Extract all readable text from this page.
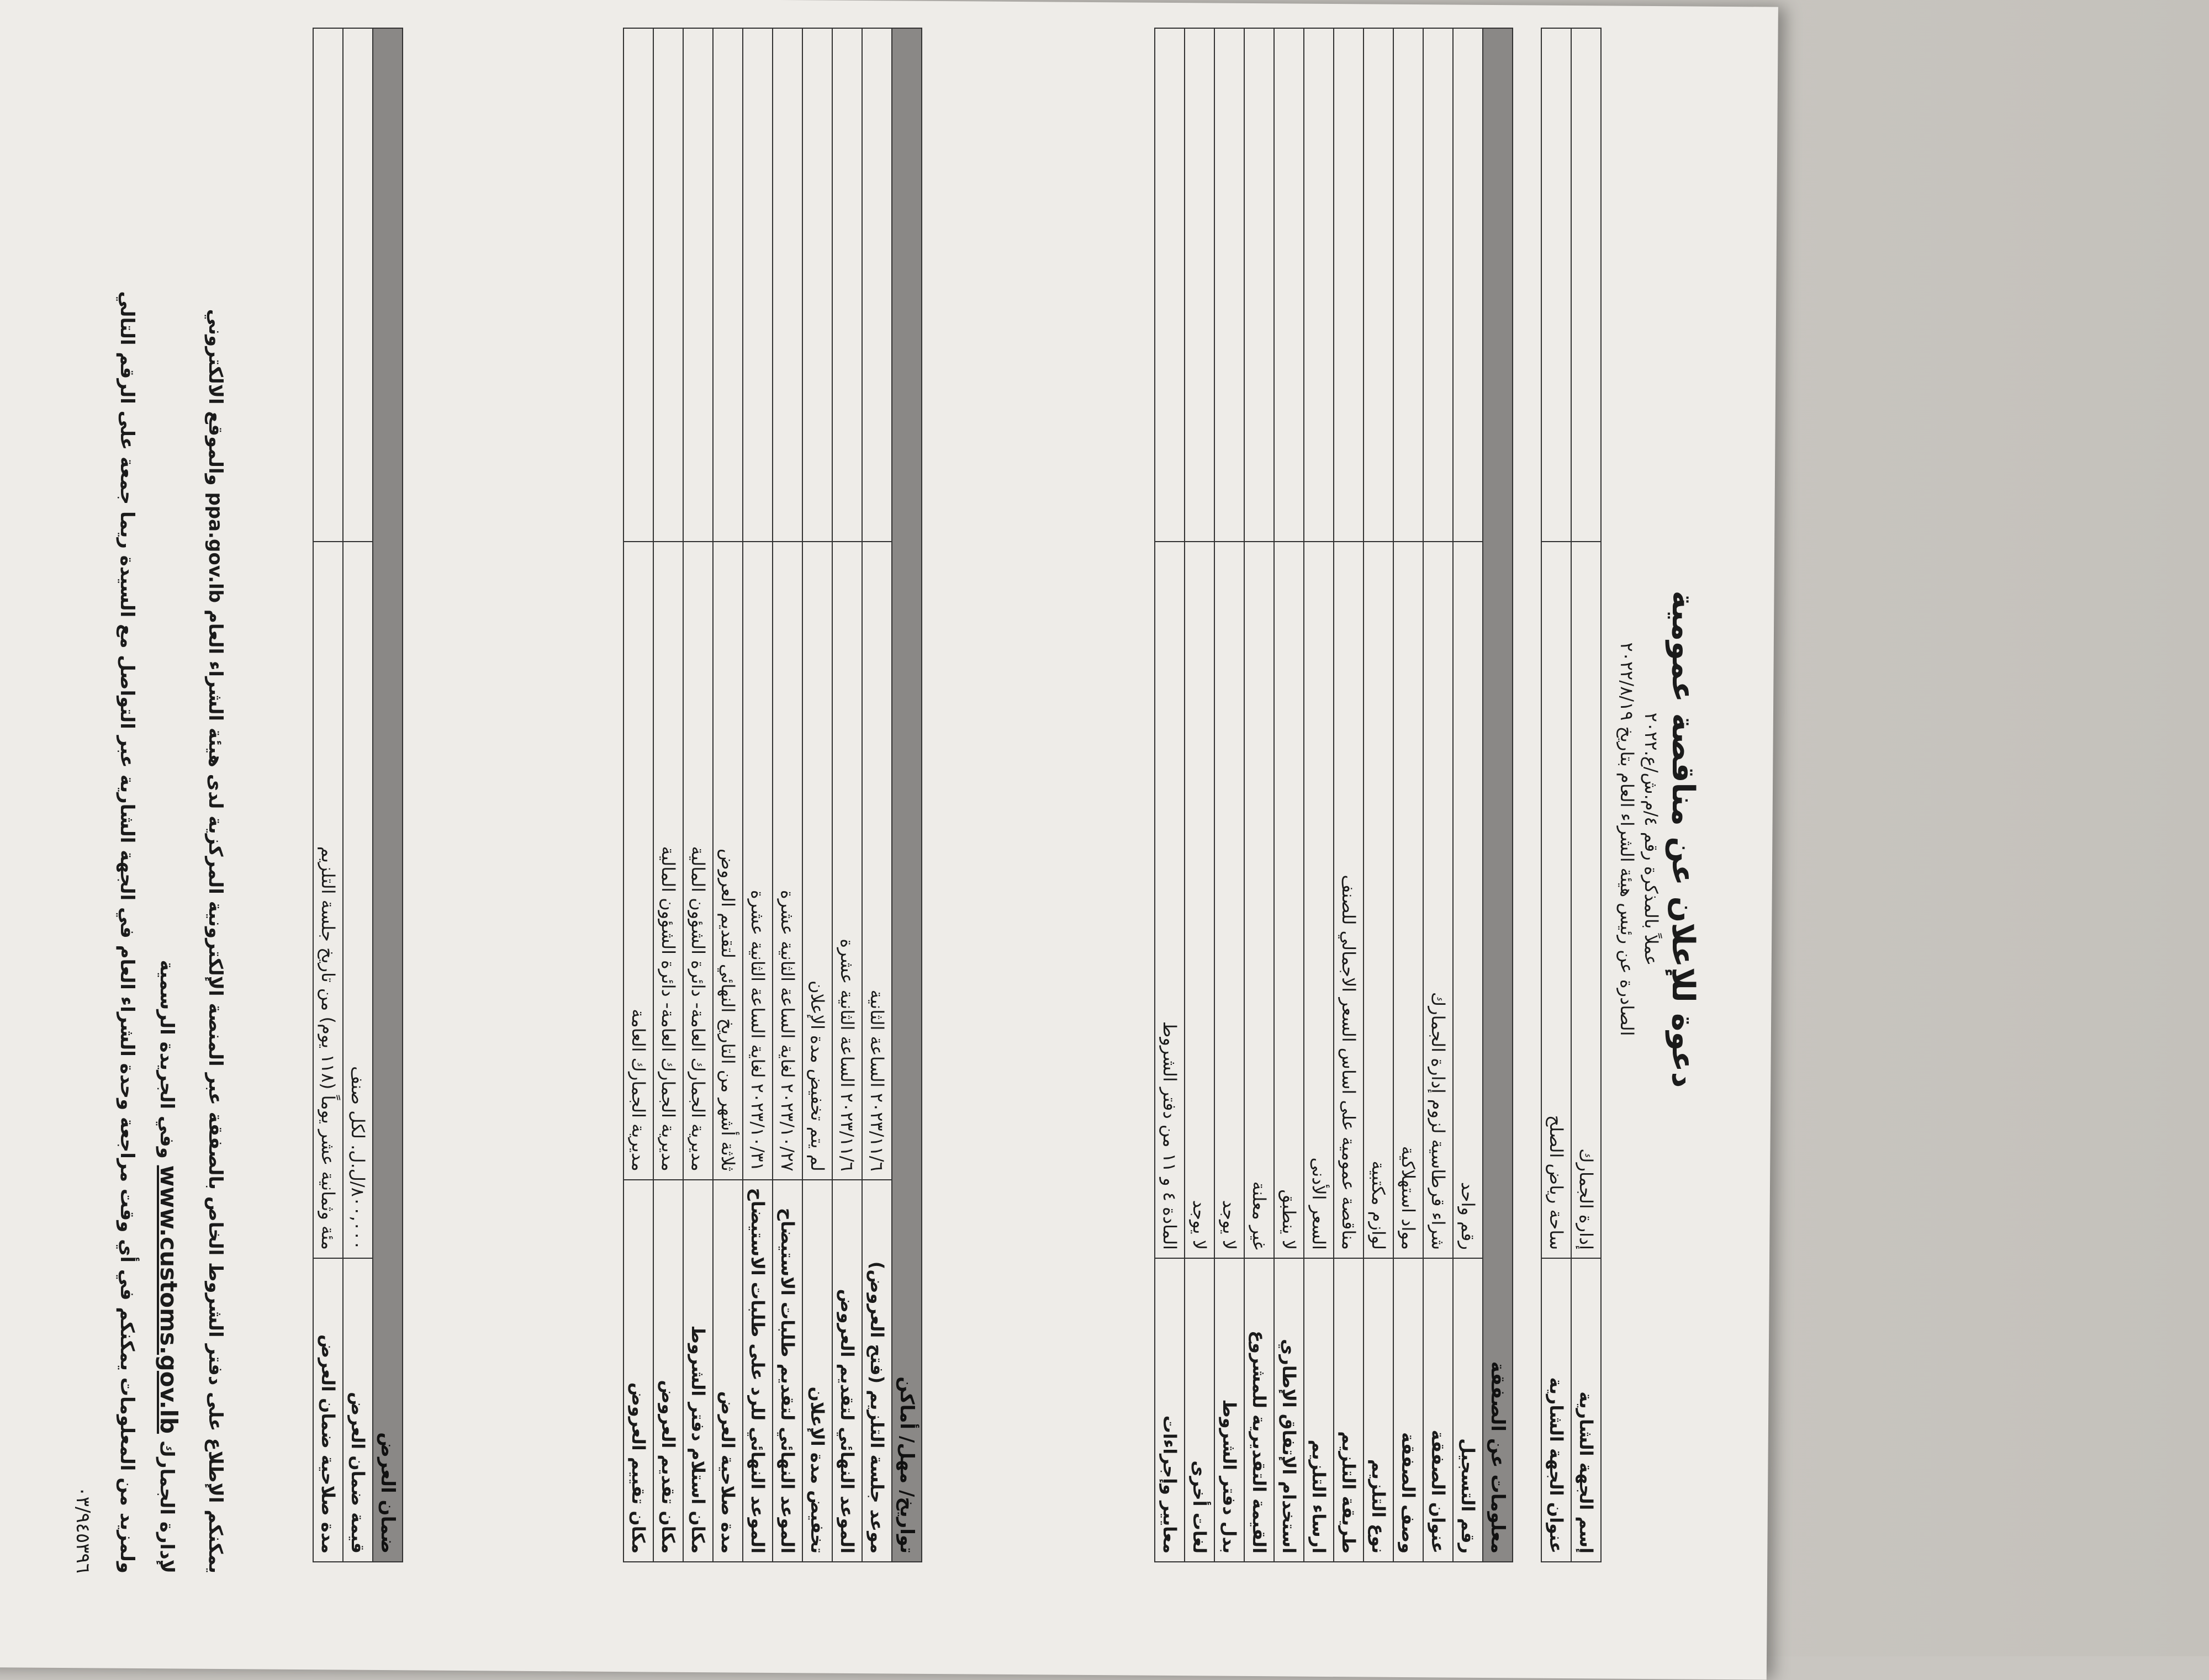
دعوة للإعلان عن مناقصة عمومية
عملاً بالمذكرة رقم ٤/م.ش/ع.٢٠٢٢
الصادرة عن رئيس هيئة الشراء العام بتاريخ ٢٠٢٢/٨/١٩
إسم الجهة الشارية	إدارة الجمارك	
عنوان الجهة الشارية	ساحة رياض الصلح	
معلومات عن الصفقة		
رقم التسجيل	رقم واحد	
عنوان الصفقة	شراء قرطاسية لزوم إدارة الجمارك	
وصف الصفقة	مواد استهلاكية	
نوع التلزيم	لوازم مكتبية	
طريقة التلزيم	مناقصة عمومية على اساس السعر الاجمالي للصنف	
ارساء التلزيم	السعر الأدنى	
استخدام الإتفاق الإطاري	لا ينطبق	
القيمة التقديرية للمشروع	غير معلنة	
بدل دفتر الشروط	لا يوجد	
لغات أخرى	لا يوجد	
معايير وإجراءات	المادة ٤ و ١١ من دفتر الشروط	
تواريخ/ مهل/ أماكن		
موعد جلسة التلزيم (فتح العروض)	٢٠٢٣/١١/٦ الساعة الثانية	
الموعد النهائي لتقديم العروض	٢٠٢٣/١١/٦ الساعة الثانية عشرة	
تخفيض مدة الإعلان	لم يتم تخفيض مدة الإعلان	
الموعد النهائي لتقديم طلبات الاستيضاح	٢٠٢٣/١٠/٢٧ لغاية الساعة الثانية عشرة	
الموعد النهائي للرد على طلبات الاستيضاح	٢٠٢٣/١٠/٣١ لغاية الساعة الثانية عشرة	
مدة صلاحية العرض	ثلاثة أشهر من التاريخ النهائي لتقديم العروض	
مكان استلام دفتر الشروط	مديرية الجمارك العامة- دائرة الشؤون المالية	
مكان تقديم العروض	مديرية الجمارك العامة- دائرة الشؤون المالية	
مكان تقييم العروض	مديرية الجمارك العامة	
ضمان العرض		
قيمة ضمان العرض	٨٠٠,٠٠٠/ل.ل. لكل صنف	
مدة صلاحية ضمان العرض	مئة وثمانية عشر يوماً (١١٨ يوم) من تاريخ جلسة التلزيم	
يمكنكم الإطلاع على دفتر الشروط الخاص بالصفقة عبر المنصة الإلكترونية المركزية لدى هيئة الشراء العام ppa.gov.lb والموقع الالكتروني
لإدارة الجمارك www.customs.gov.lb وفي الجريدة الرسمية
ولمزيد من المعلومات يمكنكم في أي وقت مراجعة وحدة الشراء العام في الجهة الشارية عبر التواصل مع السيدة ريما جمعة على الرقم التالي
٠٣/٩٤٥٣٩٦
